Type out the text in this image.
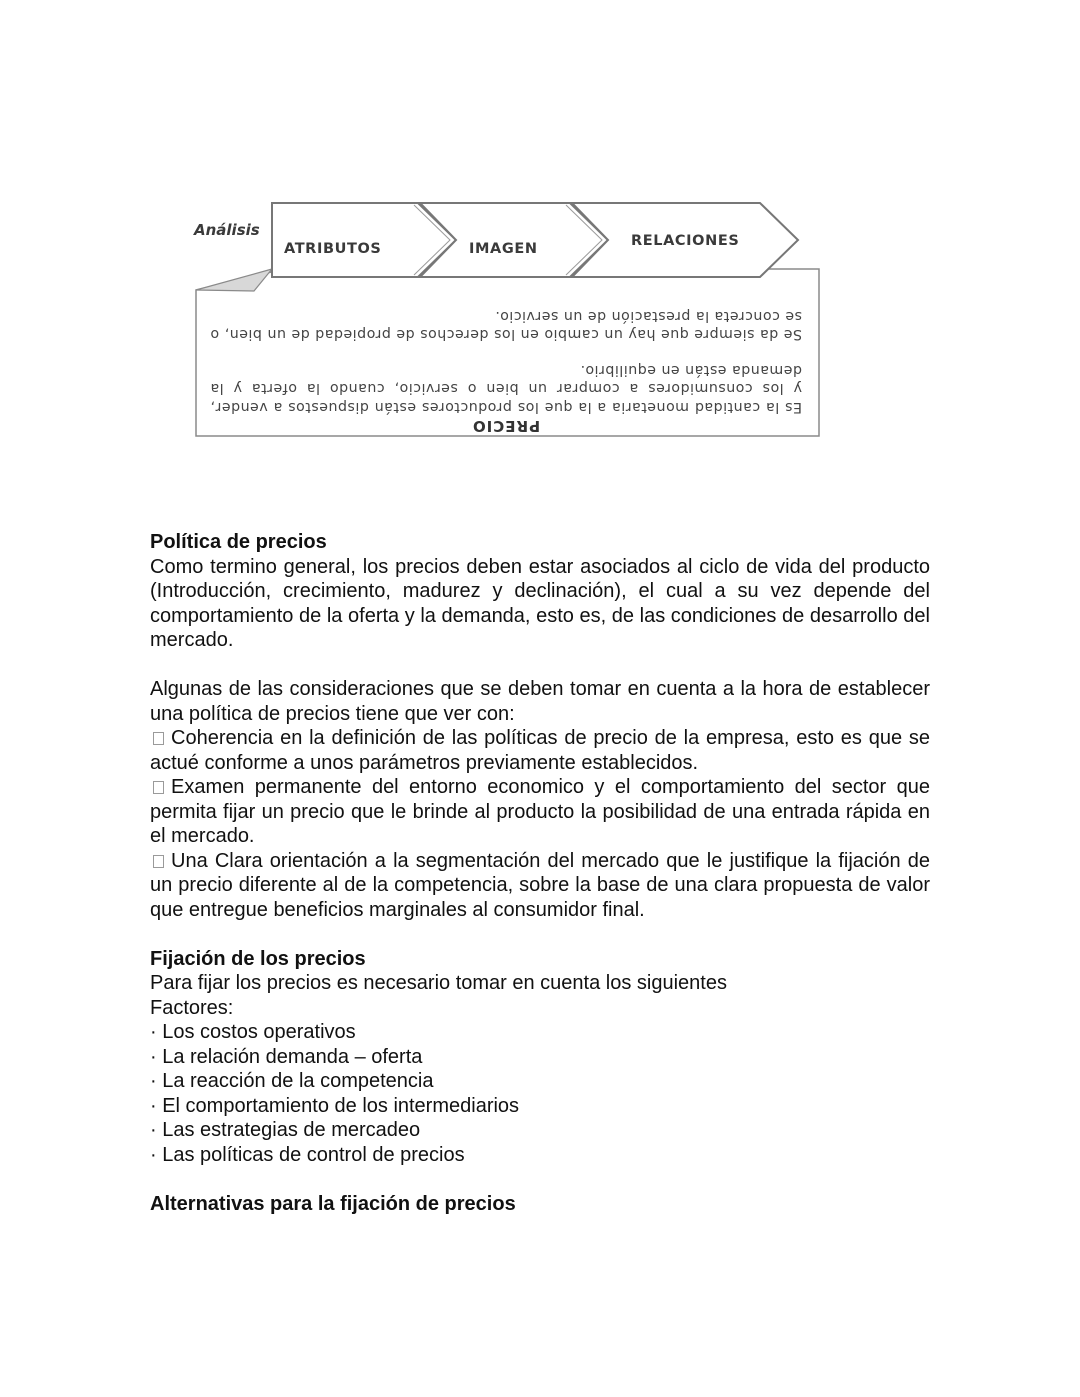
Análisis
ATRIBUTOS	IMAGEN	RELACIONES
PRECIO

Es la cantidad monetaria a la que los productores están dispuestos a vender, y los consumidores a comprar un bien o servicio, cuando la oferta y la demanda están en equilibrio.

Se da siempre que hay un cambio en los derechos de propiedad de un bien, o se concreta la prestación de un servicio.

Política de precios

Como termino general, los precios deben estar asociados al ciclo de vida del producto (Introducción, crecimiento, madurez y declinación), el cual a su vez depende del comportamiento de la oferta y la demanda, esto es, de las condiciones de desarrollo del mercado.

Algunas de las consideraciones que se deben tomar en cuenta a la hora de establecer una política de precios tiene que ver con:

Coherencia en la definición de las políticas de precio de la empresa, esto es que se actué conforme a unos parámetros previamente establecidos.

Examen permanente del entorno economico y el comportamiento del sector que permita fijar un precio que le brinde al producto la posibilidad de una entrada rápida en el mercado.

Una Clara orientación a la segmentación del mercado que le justifique la fijación de un precio diferente al de la competencia, sobre la base de una clara propuesta de valor que entregue beneficios marginales al consumidor final.

Fijación de los precios

Para fijar los precios es necesario tomar en cuenta los siguientes

Factores:

· Los costos operativos

· La relación demanda – oferta

· La reacción de la competencia

· El comportamiento de los intermediarios

· Las estrategias de mercadeo

· Las políticas de control de precios

Alternativas para la fijación de precios
